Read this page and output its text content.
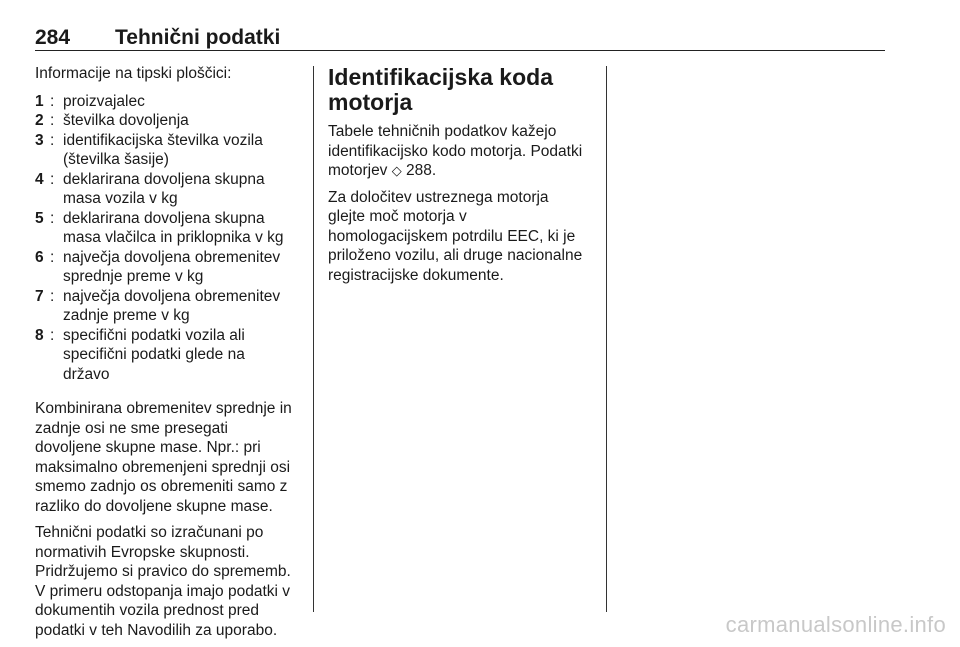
284 Tehnični podatki

Informacije na tipski ploščici:

1 : proizvajalec
2 : številka dovoljenja
3 : identifikacijska številka vozila
(številka šasije)
4 : deklarirana dovoljena skupna
masa vozila v kg
5 : deklarirana dovoljena skupna
masa vlačilca in priklopnika v kg
6 : največja dovoljena obremenitev
sprednje preme v kg
7 : največja dovoljena obremenitev
zadnje preme v kg
8 : specifični podatki vozila ali
specifični podatki glede na
državo
Kombinirana obremenitev sprednje in
zadnje osi ne sme presegati
dovoljene skupne mase. Npr.: pri
maksimalno obremenjeni sprednji osi
smemo zadnjo os obremeniti samo z
razliko do dovoljene skupne mase.
Tehnični podatki so izračunani po
normativih Evropske skupnosti.
Pridržujemo si pravico do sprememb.
V primeru odstopanja imajo podatki v
dokumentih vozila prednost pred
podatki v teh Navodilih za uporabo.
Identifikacijska koda
motorja
Tabele tehničnih podatkov kažejo
identifikacijsko kodo motorja. Podatki
motorjev ◇ 288.
Za določitev ustreznega motorja
glejte moč motorja v
homologacijskem potrdilu EEC, ki je
priloženo vozilu, ali druge nacionalne
registracijske dokumente.
carmanualsonline.info
